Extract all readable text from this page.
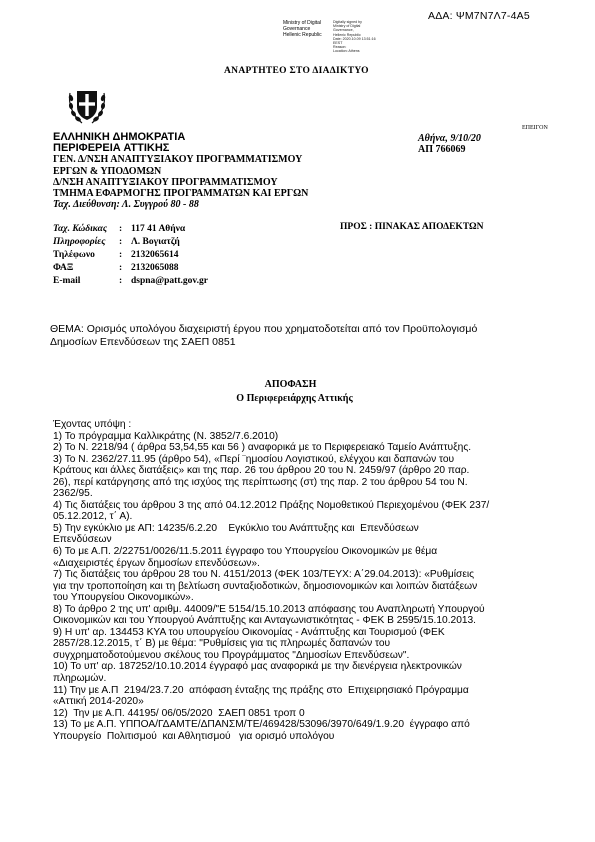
ΑΔΑ: ΨΜ7Ν7Λ7-4Α5
Ministry of Digital
Governance
Hellenic Republic
Digitally signed by
Ministry of Digital
Governance,
Hellenic Republic
Date: 2020.10.09 13:51:16
EEST
Reason:
Location: Athens
ΑΝΑΡΤΗΤΕΟ ΣΤΟ ΔΙΑΔΙΚΤΥΟ
ΕΠΕΙΓΟΝ
ΕΛΛΗΝΙΚΗ ΔΗΜΟΚΡΑΤΙΑ
ΠΕΡΙΦΕΡΕΙΑ ΑΤΤΙΚΗΣ
ΓΕΝ. Δ/ΝΣΗ ΑΝΑΠΤΥΞΙΑΚΟΥ ΠΡΟΓΡΑΜΜΑΤΙΣΜΟΥ
ΕΡΓΩΝ & ΥΠΟΔΟΜΩΝ
Δ/ΝΣΗ ΑΝΑΠΤΥΞΙΑΚΟΥ ΠΡΟΓΡΑΜΜΑΤΙΣΜΟΥ
ΤΜΗΜΑ ΕΦΑΡΜΟΓΗΣ ΠΡΟΓΡΑΜΜΑΤΩΝ ΚΑΙ ΕΡΓΩΝ
Ταχ. Διεύθυνση: Λ. Συγγρού 80 - 88
Αθήνα, 9/10/20
ΑΠ 766069
Ταχ. Κώδικας	: 117 41 Αθήνα
Πληροφορίες	: Λ. Βογιατζή
Τηλέφωνο	: 2132065614
ΦΑΞ	: 2132065088
E-mail	: dspna@patt.gov.gr
ΠΡΟΣ : ΠΙΝΑΚΑΣ ΑΠΟΔΕΚΤΩΝ
ΘΕΜΑ: Ορισμός υπολόγου διαχειριστή έργου που χρηματοδοτείται από τον Προϋπολογισμό
Δημοσίων Επενδύσεων της ΣΑΕΠ 0851
ΑΠΟΦΑΣΗ
Ο Περιφερειάρχης Αττικής

Έχοντας υπόψη :

1) Το πρόγραμμα Καλλικράτης (Ν. 3852/7.6.2010)

2) Το Ν. 2218/94 ( άρθρα 53,54,55 και 56 ) αναφορικά με το Περιφερειακό Ταμείο Ανάπτυξης.

3) Το Ν. 2362/27.11.95 (άρθρο 54), «Περί ¨ημοσίου Λογιστικού, ελέγχου και δαπανών του

Κράτους και άλλες διατάξεις» και της παρ. 26 του άρθρου 20 του Ν. 2459/97 (άρθρο 20 παρ.

26), περί κατάργησης από της ισχύος της περίπτωσης (στ) της παρ. 2 του άρθρου 54 του Ν.

2362/95.

4) Τις διατάξεις του άρθρου 3 της από 04.12.2012 Πράξης Νομοθετικού Περιεχομένου (ΦΕΚ 237/

05.12.2012, τ΄ Α).

5) Την εγκύκλιο με ΑΠ: 14235/6.2.20    Εγκύκλιο του Ανάπτυξης και  Επενδύσεων

Επενδύσεων

6) Το με Α.Π. 2/22751/0026/11.5.2011 έγγραφο του Υπουργείου Οικονομικών με θέμα

«Διαχειριστές έργων δημοσίων επενδύσεων».

7) Τις διατάξεις του άρθρου 28 του Ν. 4151/2013 (ΦΕΚ 103/ΤΕΥΧ: Α΄29.04.2013): «Ρυθμίσεις

για την τροποποίηση και τη βελτίωση συνταξιοδοτικών, δημοσιονομικών και λοιπών διατάξεων

του Υπουργείου Οικονομικών».

8) Το άρθρο 2 της υπ' αριθμ. 44009/"Ε 5154/15.10.2013 απόφασης του Αναπληρωτή Υπουργού

Οικονομικών και του Υπουργού Ανάπτυξης και Ανταγωνιστικότητας - ΦΕΚ Β 2595/15.10.2013.

9) Η υπ' αρ. 134453 ΚΥΑ του υπουργείου Οικονομίας - Ανάπτυξης και Τουρισμού (ΦΕΚ

2857/28.12.2015, τ΄ Β) με θέμα: "Ρυθμίσεις για τις πληρωμές δαπανών του

συγχρηματοδοτούμενου σκέλους του Προγράμματος "Δημοσίων Επενδύσεων".

10) Το υπ' αρ. 187252/10.10.2014 έγγραφό μας αναφορικά με την διενέργεια ηλεκτρονικών

πληρωμών.

11) Την με Α.Π  2194/23.7.20  απόφαση ένταξης της πράξης στο  Επιχειρησιακό Πρόγραμμα

«Αττική 2014-2020»

12)  Την με Α.Π. 44195/ 06/05/2020  ΣΑΕΠ 0851 τροπ 0

13) Το με Α.Π. ΥΠΠΟΑ/ΓΔΑΜΤΕ/ΔΠΑΝΣΜ/ΤΕ/469428/53096/3970/649/1.9.20  έγγραφο από

Υπουργείο  Πολιτισμού  και Αθλητισμού   για ορισμό υπολόγου
